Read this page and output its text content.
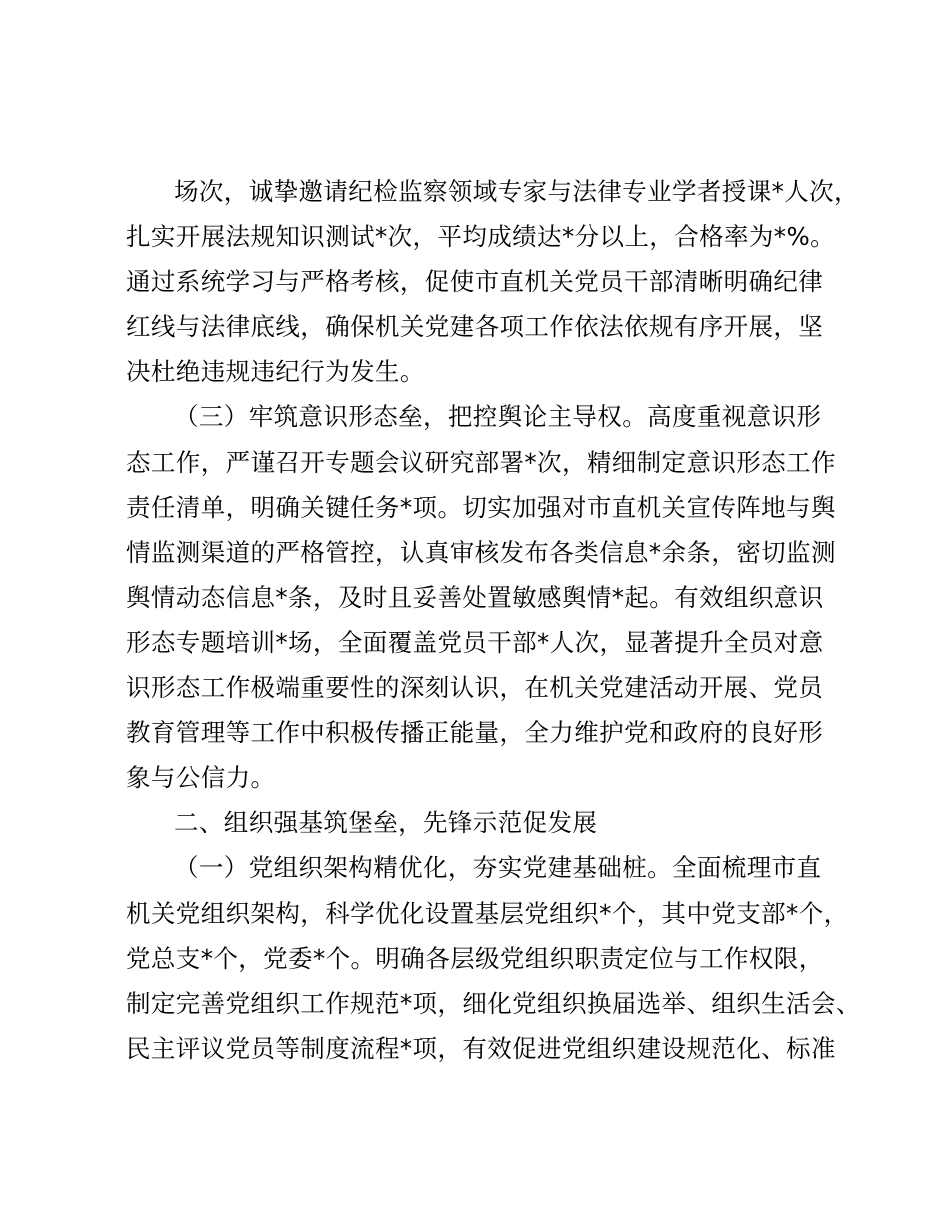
场次，诚挚邀请纪检监察领域专家与法律专业学者授课*人次，
扎实开展法规知识测试*次，平均成绩达*分以上，合格率为*%。
通过系统学习与严格考核，促使市直机关党员干部清晰明确纪律
红线与法律底线，确保机关党建各项工作依法依规有序开展，坚
决杜绝违规违纪行为发生。
（三）牢筑意识形态垒，把控舆论主导权。高度重视意识形
态工作，严谨召开专题会议研究部署*次，精细制定意识形态工作
责任清单，明确关键任务*项。切实加强对市直机关宣传阵地与舆
情监测渠道的严格管控，认真审核发布各类信息*余条，密切监测
舆情动态信息*条，及时且妥善处置敏感舆情*起。有效组织意识
形态专题培训*场，全面覆盖党员干部*人次，显著提升全员对意
识形态工作极端重要性的深刻认识，在机关党建活动开展、党员
教育管理等工作中积极传播正能量，全力维护党和政府的良好形
象与公信力。
二、组织强基筑堡垒，先锋示范促发展
（一）党组织架构精优化，夯实党建基础桩。全面梳理市直
机关党组织架构，科学优化设置基层党组织*个，其中党支部*个，
党总支*个，党委*个。明确各层级党组织职责定位与工作权限，
制定完善党组织工作规范*项，细化党组织换届选举、组织生活会、
民主评议党员等制度流程*项，有效促进党组织建设规范化、标准
